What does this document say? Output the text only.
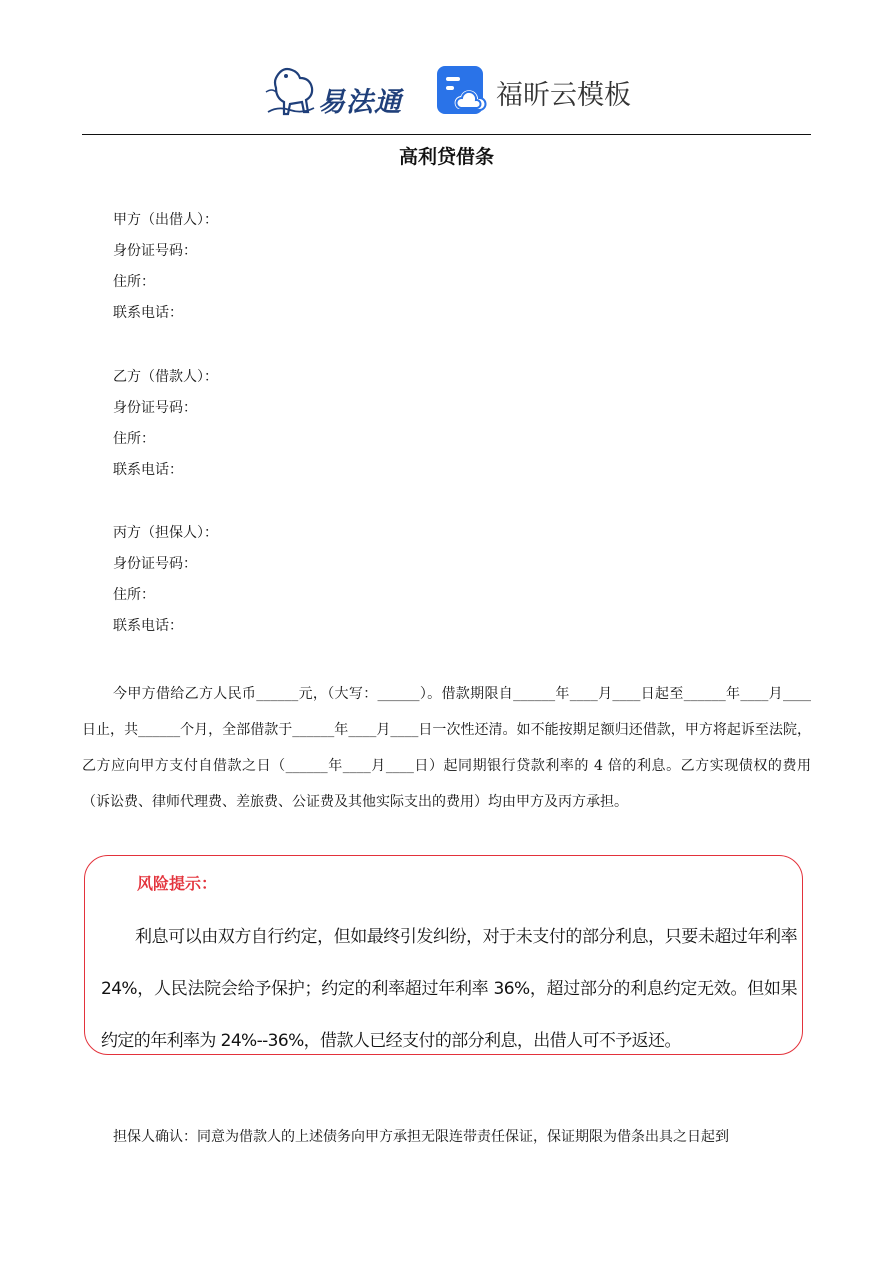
易法通	福昕云模板
高利贷借条
甲方（出借人）：
身份证号码：
住所：
联系电话：
乙方（借款人）：
身份证号码：
住所：
联系电话：
丙方（担保人）：
身份证号码：
住所：
联系电话：
今甲方借给乙方人民币______元，（大写：______）。借款期限自______年____月____日起至______年____月____日止，共______个月，全部借款于______年____月____日一次性还清。如不能按期足额归还借款，甲方将起诉至法院，乙方应向甲方支付自借款之日（______年____月____日）起同期银行贷款利率的 4 倍的利息。乙方实现债权的费用（诉讼费、律师代理费、差旅费、公证费及其他实际支出的费用）均由甲方及丙方承担。
风险提示：
利息可以由双方自行约定，但如最终引发纠纷，对于未支付的部分利息，只要未超过年利率 24%，人民法院会给予保护；约定的利率超过年利率 36%，超过部分的利息约定无效。但如果约定的年利率为 24%--36%，借款人已经支付的部分利息，出借人可不予返还。
担保人确认：同意为借款人的上述债务向甲方承担无限连带责任保证，保证期限为借条出具之日起到
